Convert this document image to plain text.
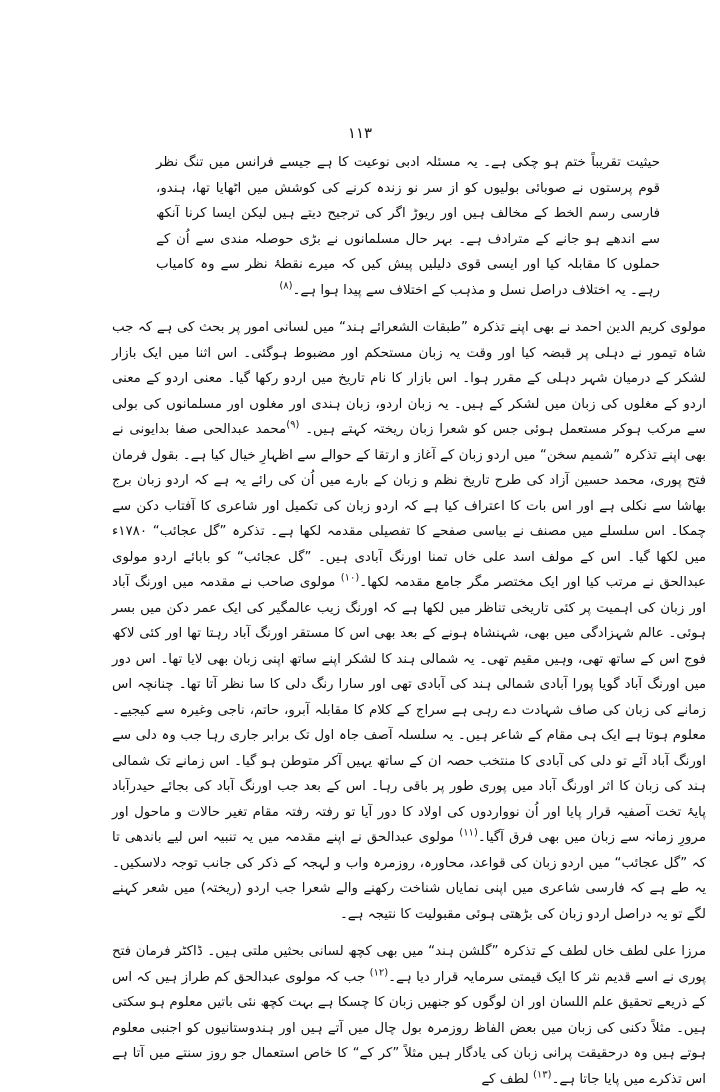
۱۱۳

حیثیت تقریباً ختم ہو چکی ہے۔ یہ مسئلہ ادبی نوعیت کا ہے جیسے فرانس میں تنگ نظر قوم پرستوں نے صوبائی بولیوں کو از سر نو زندہ کرنے کی کوشش میں اٹھایا تھا، ہندو، فارسی رسم الخط کے مخالف ہیں اور ریوڑ اگر کی ترجیح دیتے ہیں لیکن ایسا کرنا آنکھ سے اندھے ہو جانے کے مترادف ہے۔ بہر حال مسلمانوں نے بڑی حوصلہ مندی سے اُن کے حملوں کا مقابلہ کیا اور ایسی قوی دلیلیں پیش کیں کہ میرے نقطۂ نظر سے وہ کامیاب رہے۔ یہ اختلاف دراصل نسل و مذہب کے اختلاف سے پیدا ہوا ہے۔$^{(۸)}$

مولوی کریم الدین احمد نے بھی اپنے تذکرہ ”طبقات الشعرائے ہند“ میں لسانی امور پر بحث کی ہے کہ جب شاہ تیمور نے دہلی پر قبضہ کیا اور وقت یہ زبان مستحکم اور مضبوط ہوگئی۔ اس اثنا میں ایک بازار لشکر کے درمیان شہر دہلی کے مقرر ہوا۔ اس بازار کا نام تاریخ میں اردو رکھا گیا۔ معنی اردو کے معنی اردو کے مغلوں کی زبان میں لشکر کے ہیں۔ یہ زبان اردو، زبان ہندی اور مغلوں اور مسلمانوں کی بولی سے مرکب ہوکر مستعمل ہوئی جس کو شعرا زبان ریختہ کہتے ہیں۔ $^{(۹)}$محمد عبدالحی صفا بدایونی نے بھی اپنے تذکرہ ”شمیم سخن“ میں اردو زبان کے آغاز و ارتقا کے حوالے سے اظہارِ خیال کیا ہے۔ بقول فرمان فتح پوری، محمد حسین آزاد کی طرح تاریخ نظم و زبان کے بارے میں اُن کی رائے یہ ہے کہ اردو زبان برج بھاشا سے نکلی ہے اور اس بات کا اعتراف کیا ہے کہ اردو زبان کی تکمیل اور شاعری کا آفتاب دکن سے چمکا۔ اس سلسلے میں مصنف نے بیاسی صفحے کا تفصیلی مقدمہ لکھا ہے۔ تذکرہ ”گل عجائب“ ۱۷۸۰ء میں لکھا گیا۔ اس کے مولف اسد علی خاں تمنا اورنگ آبادی ہیں۔ ”گل عجائب“ کو بابائے اردو مولوی عبدالحق نے مرتب کیا اور ایک مختصر مگر جامع مقدمہ لکھا۔$^{(۱۰)}$ مولوی صاحب نے مقدمہ میں اورنگ آباد اور زبان کی اہمیت پر کئی تاریخی تناظر میں لکھا ہے کہ اورنگ زیب عالمگیر کی ایک عمر دکن میں بسر ہوئی۔ عالم شہزادگی میں بھی، شہنشاہ ہونے کے بعد بھی اس کا مستقر اورنگ آباد رہتا تھا اور کئی لاکھ فوج اس کے ساتھ تھی، وہیں مقیم تھی۔ یہ شمالی ہند کا لشکر اپنے ساتھ اپنی زبان بھی لایا تھا۔ اس دور میں اورنگ آباد گویا پورا آبادی شمالی ہند کی آبادی تھی اور سارا رنگ دلی کا سا نظر آتا تھا۔ چنانچہ اس زمانے کی زبان کی صاف شہادت دے رہی ہے سراج کے کلام کا مقابلہ آبرو، حاتم، ناجی وغیرہ سے کیجیے۔ معلوم ہوتا ہے ایک ہی مقام کے شاعر ہیں۔ یہ سلسلہ آصف جاہ اول تک برابر جاری رہا جب وہ دلی سے اورنگ آباد آئے تو دلی کی آبادی کا منتخب حصہ ان کے ساتھ یہیں آکر متوطن ہو گیا۔ اس زمانے تک شمالی ہند کی زبان کا اثر اورنگ آباد میں پوری طور پر باقی رہا۔ اس کے بعد جب اورنگ آباد کی بجائے حیدرآباد پایۂ تخت آصفیہ قرار پایا اور اُن نوواردوں کی اولاد کا دور آیا تو رفتہ رفتہ مقام تغیر حالات و ماحول اور مرورِ زمانہ سے زبان میں بھی فرق آگیا۔$^{(۱۱)}$ مولوی عبدالحق نے اپنے مقدمہ میں یہ تنبیہ اس لیے باندھی تا کہ ”گل عجائب“ میں اردو زبان کی قواعد، محاورہ، روزمرہ واب و لہجہ کے ذکر کی جانب توجہ دلاسکیں۔ یہ طے ہے کہ فارسی شاعری میں اپنی نمایاں شناخت رکھنے والے شعرا جب اردو (ریختہ) میں شعر کہنے لگے تو یہ دراصل اردو زبان کی بڑھتی ہوئی مقبولیت کا نتیجہ ہے۔

مرزا علی لطف خاں لطف کے تذکرہ ”گلشن ہند“ میں بھی کچھ لسانی بحثیں ملتی ہیں۔ ڈاکٹر فرمان فتح پوری نے اسے قدیم نثر کا ایک قیمتی سرمایہ قرار دیا ہے۔$^{(۱۲)}$ جب کہ مولوی عبدالحق کم طراز ہیں کہ اس کے ذریعے تحقیق علم اللسان اور ان لوگوں کو جنھیں زبان کا چسکا ہے بہت کچھ نئی باتیں معلوم ہو سکتی ہیں۔ مثلاً دکنی کی زبان میں بعض الفاظ روزمرہ بول چال میں آتے ہیں اور ہندوستانیوں کو اجنبی معلوم ہوتے ہیں وہ درحقیقت پرانی زبان کی یادگار ہیں مثلاً ”کر کے“ کا خاص استعمال جو روز سنتے میں آتا ہے اس تذکرے میں پایا جاتا ہے۔$^{(۱۳)}$ لطف کے
